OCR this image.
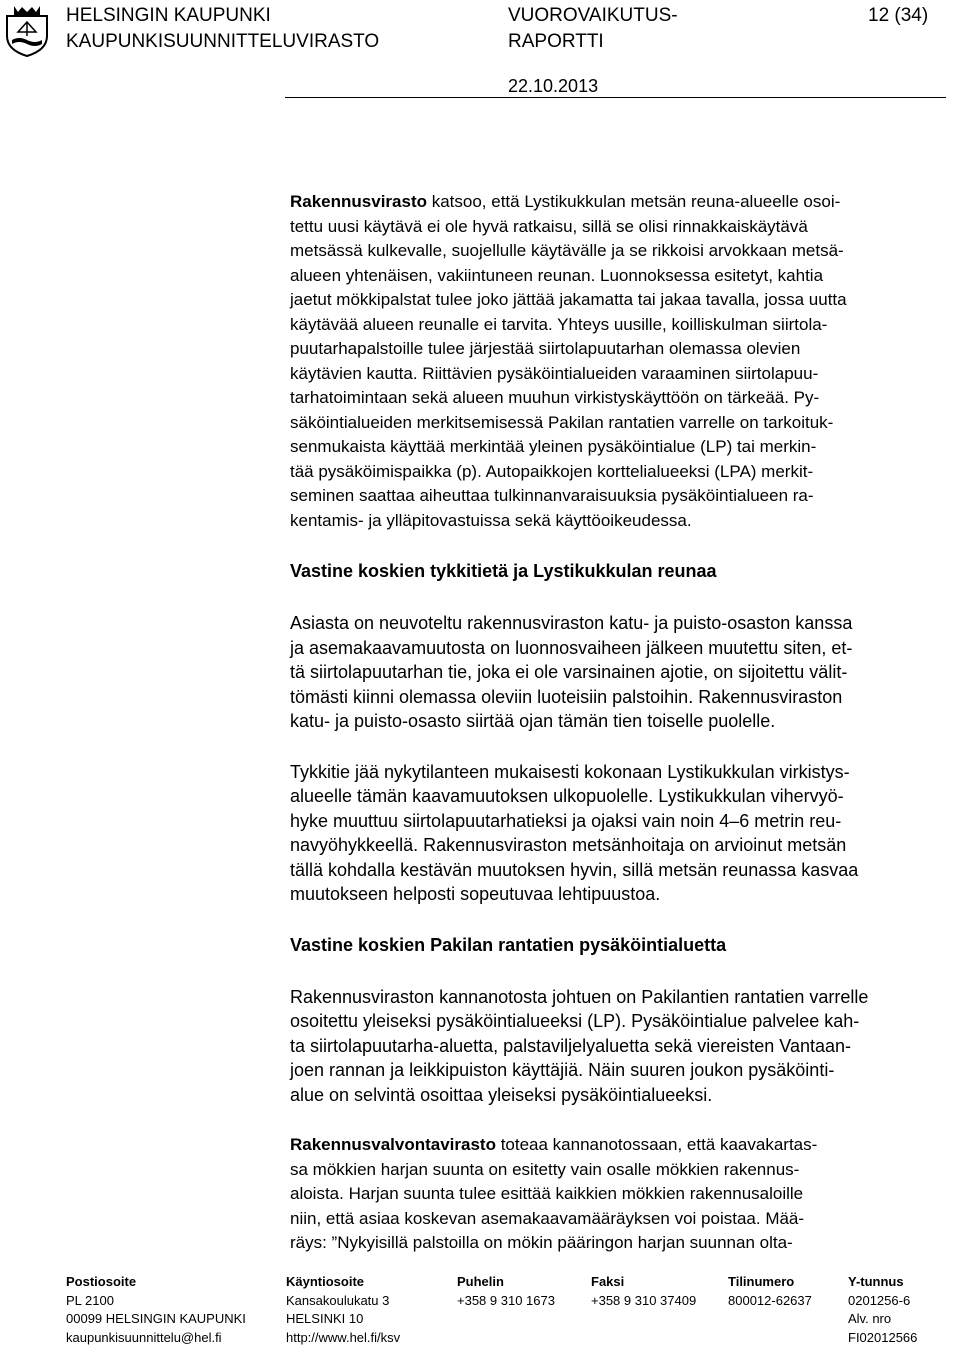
HELSINGIN KAUPUNKI
KAUPUNKISUUNNITTELUVIRASTO
VUOROVAIKUTUS-
RAPORTTI
12 (34)
22.10.2013

Rakennusvirasto katsoo, että Lystikukkulan metsän reuna-alueelle osoi-
tettu uusi käytävä ei ole hyvä ratkaisu, sillä se olisi rinnakkaiskäytävä
metsässä kulkevalle, suojellulle käytävälle ja se rikkoisi arvokkaan metsä-
alueen yhtenäisen, vakiintuneen reunan. Luonnoksessa esitetyt, kahtia
jaetut mökkipalstat tulee joko jättää jakamatta tai jakaa tavalla, jossa uutta
käytävää alueen reunalle ei tarvita. Yhteys uusille, koilliskulman siirtola-
puutarhapalstoille tulee järjestää siirtolapuutarhan olemassa olevien
käytävien kautta. Riittävien pysäköintialueiden varaaminen siirtolapuu-
tarhatoimintaan sekä alueen muuhun virkistyskäyttöön on tärkeää. Py-
säköintialueiden merkitsemisessä Pakilan rantatien varrelle on tarkoituk-
senmukaista käyttää merkintää yleinen pysäköintialue (LP) tai merkin-
tää pysäköimispaikka (p). Autopaikkojen korttelialueeksi (LPA) merkit-
seminen saattaa aiheuttaa tulkinnanvaraisuuksia pysäköintialueen ra-
kentamis- ja ylläpitovastuissa sekä käyttöoikeudessa.

Vastine koskien tykkitietä ja Lystikukkulan reunaa

Asiasta on neuvoteltu rakennusviraston katu- ja puisto-osaston kanssa
ja asemakaavamuutosta on luonnosvaiheen jälkeen muutettu siten, et-
tä siirtolapuutarhan tie, joka ei ole varsinainen ajotie, on sijoitettu välit-
tömästi kiinni olemassa oleviin luoteisiin palstoihin. Rakennusviraston
katu- ja puisto-osasto siirtää ojan tämän tien toiselle puolelle.

Tykkitie jää nykytilanteen mukaisesti kokonaan Lystikukkulan virkistys-
alueelle tämän kaavamuutoksen ulkopuolelle. Lystikukkulan vihervyö-
hyke muuttuu siirtolapuutarhatieksi ja ojaksi vain noin 4–6 metrin reu-
navyöhykkeellä. Rakennusviraston metsänhoitaja on arvioinut metsän
tällä kohdalla kestävän muutoksen hyvin, sillä metsän reunassa kasvaa
muutokseen helposti sopeutuvaa lehtipuustoa.

Vastine koskien Pakilan rantatien pysäköintialuetta

Rakennusviraston kannanotosta johtuen on Pakilantien rantatien varrelle
osoitettu yleiseksi pysäköintialueeksi (LP). Pysäköintialue palvelee kah-
ta siirtolapuutarha-aluetta, palstaviljelyaluetta sekä viereisten Vantaan-
joen rannan ja leikkipuiston käyttäjiä. Näin suuren joukon pysäköinti-
alue on selvintä osoittaa yleiseksi pysäköintialueeksi.

Rakennusvalvontavirasto toteaa kannanotossaan, että kaavakartas-
sa mökkien harjan suunta on esitetty vain osalle mökkien rakennus-
aloista. Harjan suunta tulee esittää kaikkien mökkien rakennusaloille
niin, että asiaa koskevan asemakaavamääräyksen voi poistaa. Mää-
räys: ”Nykyisillä palstoilla on mökin pääringon harjan suunnan olta-

Postiosoite
PL 2100
00099 HELSINGIN KAUPUNKI
kaupunkisuunnittelu@hel.fi
Käyntiosoite
Kansakoulukatu 3
HELSINKI 10
http://www.hel.fi/ksv
Puhelin
+358 9 310 1673
Faksi
+358 9 310 37409
Tilinumero
800012-62637
Y-tunnus
0201256-6
Alv. nro
FI02012566
